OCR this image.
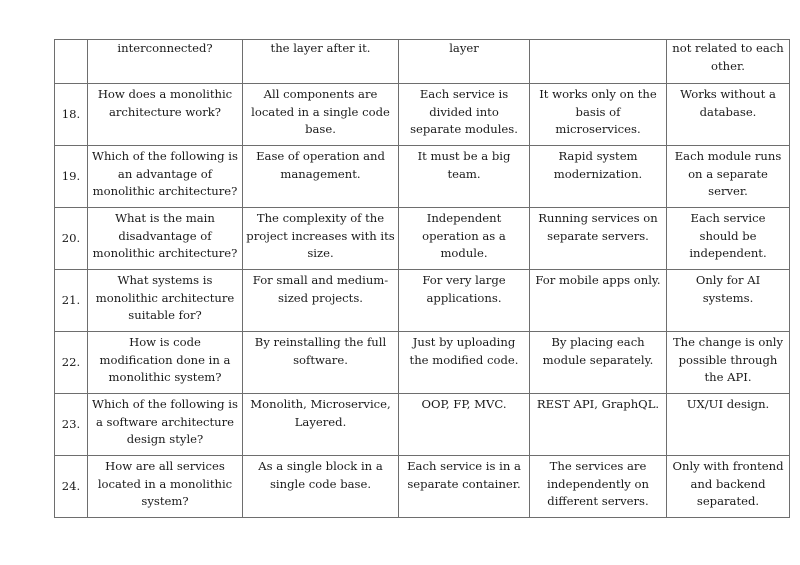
	interconnected?	the layer after it.	layer		not related to each other.
18.	How does a monolithic architecture work?	All components are located in a single code base.	Each service is divided into separate modules.	It works only on the basis of microservices.	Works without a database.
19.	Which of the following is an advantage of monolithic architecture?	Ease of operation and management.	It must be a big team.	Rapid system modernization.	Each module runs on a separate server.
20.	What is the main disadvantage of monolithic architecture?	The complexity of the project increases with its size.	Independent operation as a module.	Running services on separate servers.	Each service should be independent.
21.	What systems is monolithic architecture suitable for?	For small and medium-sized projects.	For very large applications.	For mobile apps only.	Only for AI systems.
22.	How is code modification done in a monolithic system?	By reinstalling the full software.	Just by uploading the modified code.	By placing each module separately.	The change is only possible through the API.
23.	Which of the following is a software architecture design style?	Monolith, Microservice, Layered.	OOP, FP, MVC.	REST API, GraphQL.	UX/UI design.
24.	How are all services located in a monolithic system?	As a single block in a single code base.	Each service is in a separate container.	The services are independently on different servers.	Only with frontend and backend separated.
